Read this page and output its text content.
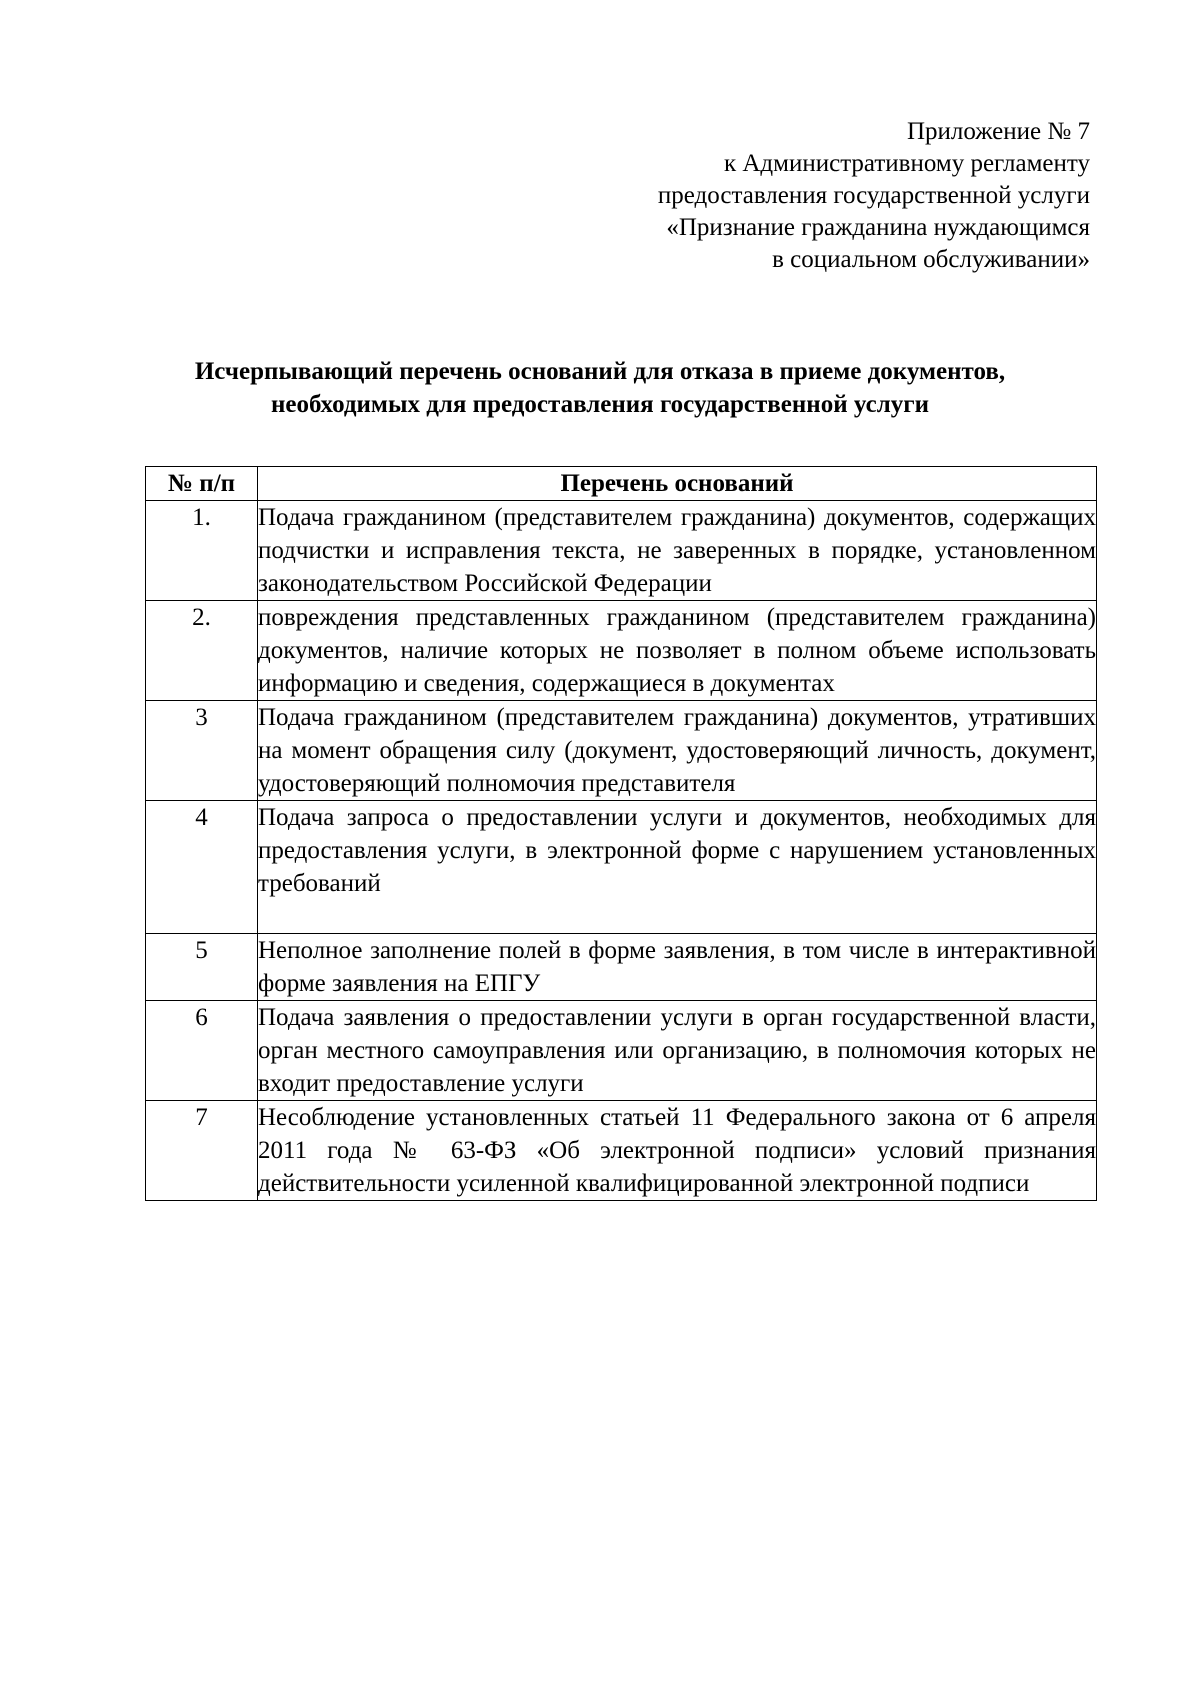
Приложение № 7
к Административному регламенту
предоставления государственной услуги
«Признание гражданина нуждающимся
в социальном обслуживании»
Исчерпывающий перечень оснований для отказа в приеме документов,
необходимых для предоставления государственной услуги
№ п/п	Перечень оснований
1.	Подача гражданином (представителем гражданина) документов, содержащих подчистки и исправления текста, не заверенных в порядке, установленном законодательством Российской Федерации
2.	повреждения представленных гражданином (представителем гражданина) документов, наличие которых не позволяет в полном объеме использовать информацию и сведения, содержащиеся в документах
3	Подача гражданином (представителем гражданина) документов, утративших на момент обращения силу (документ, удостоверяющий личность, документ, удостоверяющий полномочия представителя
4	Подача запроса о предоставлении услуги и документов, необходимых для предоставления услуги, в электронной форме с нарушением установленных требований
5	Неполное заполнение полей в форме заявления, в том числе в интерактивной форме заявления на ЕПГУ
6	Подача заявления о предоставлении услуги в орган государственной власти, орган местного самоуправления или организацию, в полномочия которых не входит предоставление услуги
7	Несоблюдение установленных статьей 11 Федерального закона от 6 апреля 2011 года № 63-ФЗ «Об электронной подписи» условий признания действительности усиленной квалифицированной электронной подписи
